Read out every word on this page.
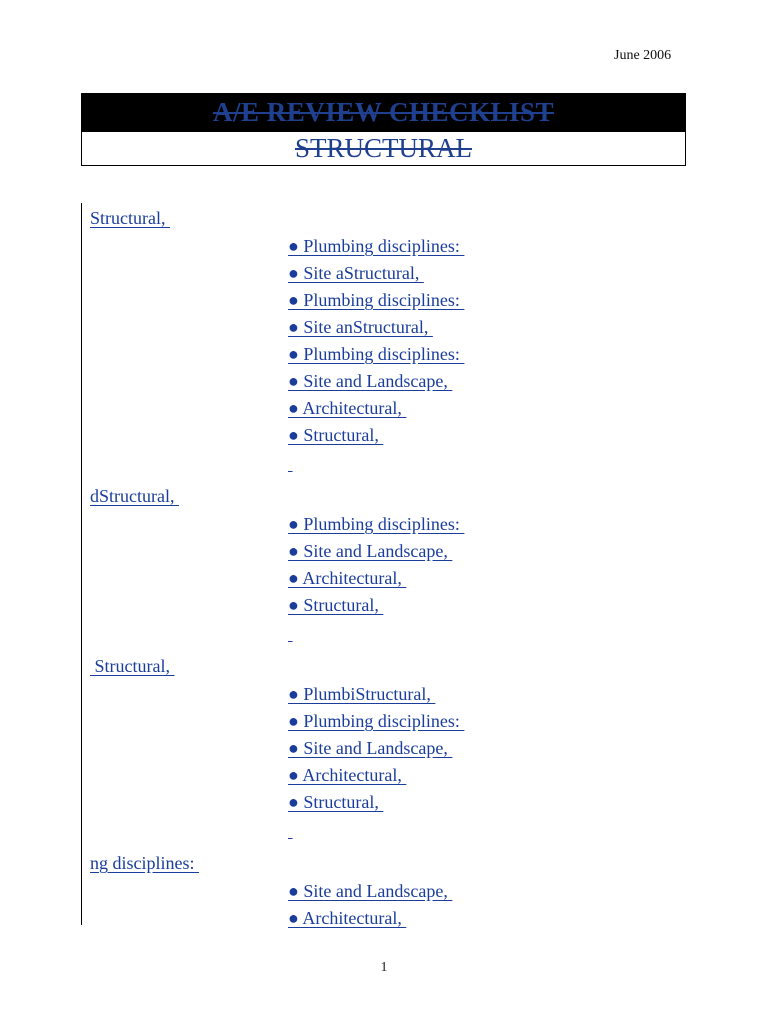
June 2006
A/E REVIEW CHECKLIST
STRUCTURAL
Structural,
● Plumbing disciplines:
● Site aStructural,
● Plumbing disciplines:
● Site anStructural,
● Plumbing disciplines:
● Site and Landscape,
● Architectural,
● Structural,

dStructural,
● Plumbing disciplines:
● Site and Landscape,
● Architectural,
● Structural,

Structural,
● PlumbiStructural,
● Plumbing disciplines:
● Site and Landscape,
● Architectural,
● Structural,

ng disciplines:
● Site and Landscape,
● Architectural,
1
